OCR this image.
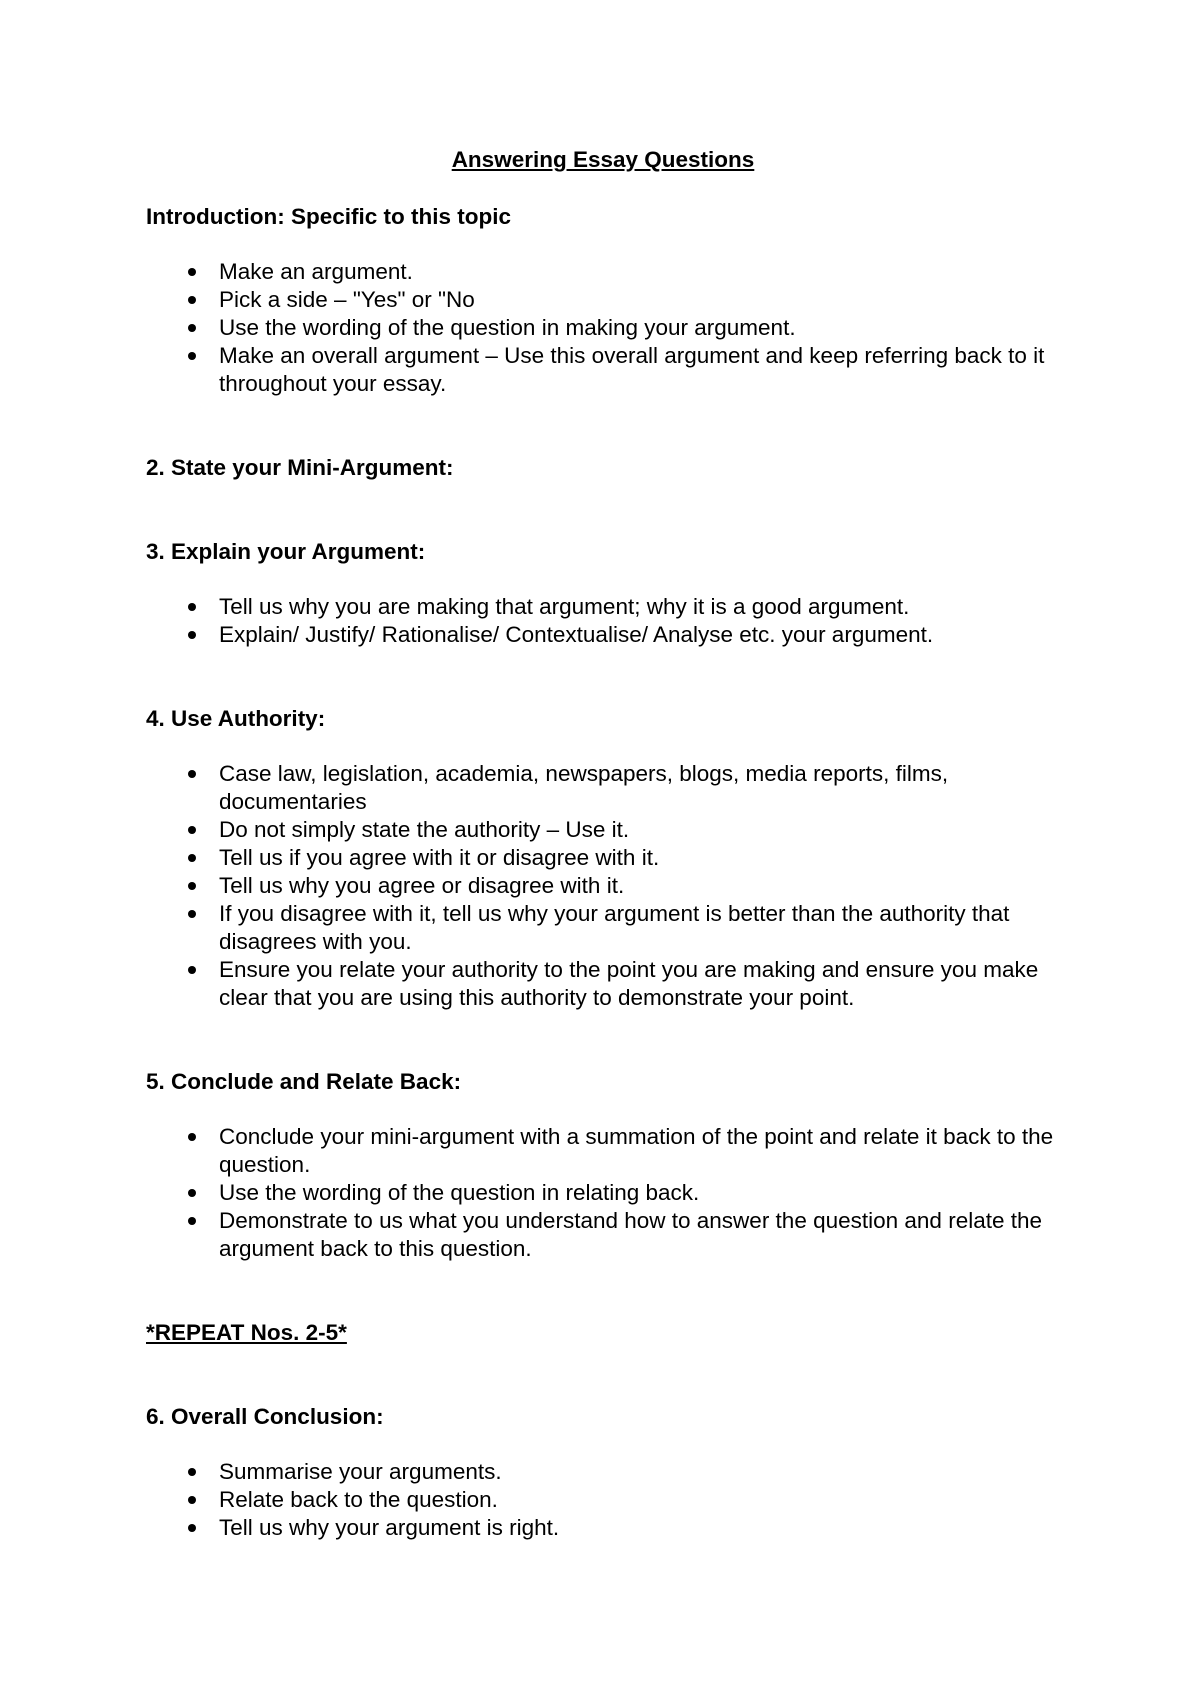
Answering Essay Questions
Introduction: Specific to this topic
Make an argument.
Pick a side – "Yes" or "No
Use the wording of the question in making your argument.
Make an overall argument – Use this overall argument and keep referring back to it throughout your essay.
2. State your Mini-Argument:
3. Explain your Argument:
Tell us why you are making that argument; why it is a good argument.
Explain/ Justify/ Rationalise/ Contextualise/ Analyse etc. your argument.
4. Use Authority:
Case law, legislation, academia, newspapers, blogs, media reports, films, documentaries
Do not simply state the authority – Use it.
Tell us if you agree with it or disagree with it.
Tell us why you agree or disagree with it.
If you disagree with it, tell us why your argument is better than the authority that disagrees with you.
Ensure you relate your authority to the point you are making and ensure you make clear that you are using this authority to demonstrate your point.
5. Conclude and Relate Back:
Conclude your mini-argument with a summation of the point and relate it back to the question.
Use the wording of the question in relating back.
Demonstrate to us what you understand how to answer the question and relate the argument back to this question.
*REPEAT Nos. 2-5*
6. Overall Conclusion:
Summarise your arguments.
Relate back to the question.
Tell us why your argument is right.
